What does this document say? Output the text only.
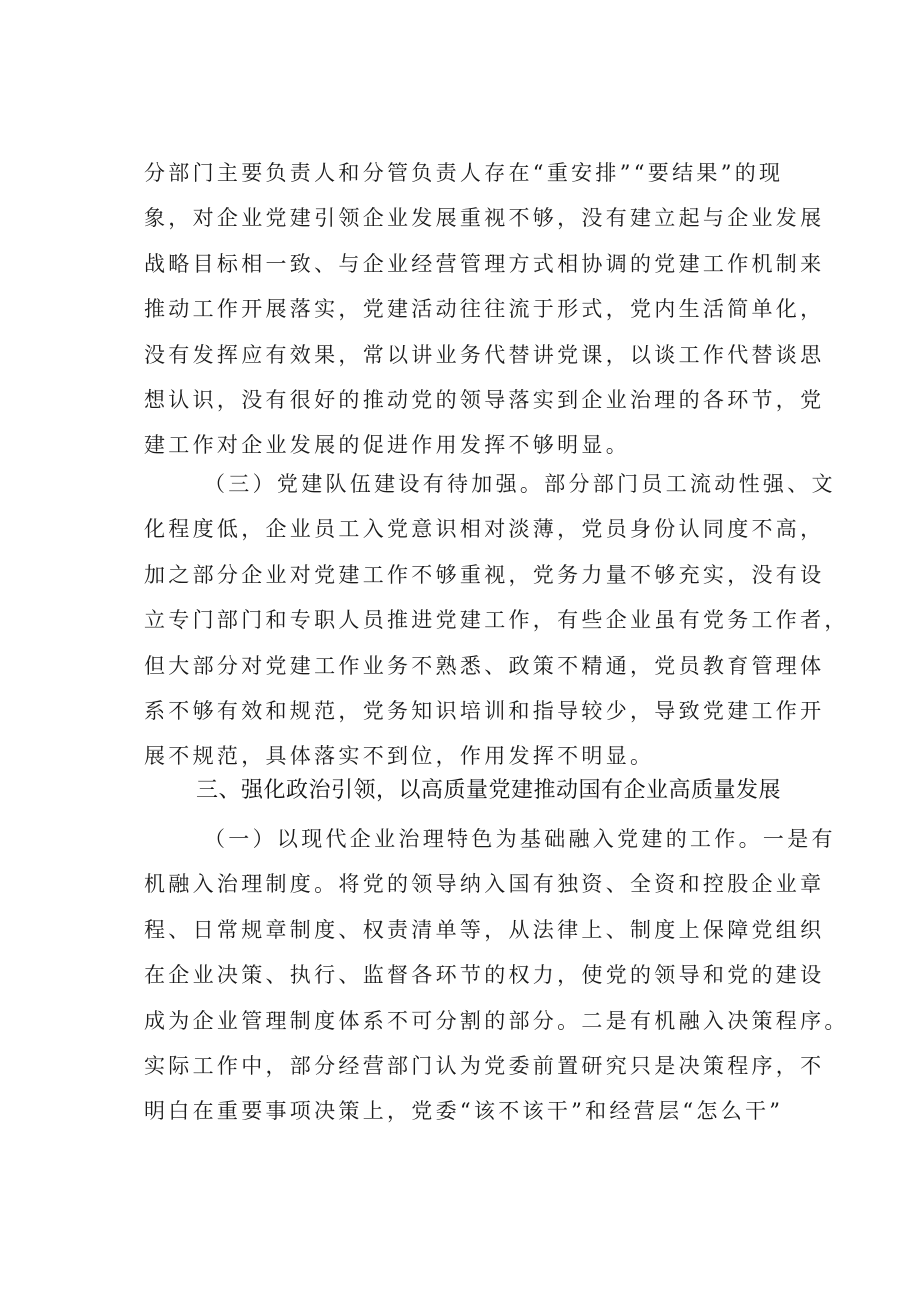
分部门主要负责人和分管负责人存在“重安排”“要结果”的现
象，对企业党建引领企业发展重视不够，没有建立起与企业发展
战略目标相一致、与企业经营管理方式相协调的党建工作机制来
推动工作开展落实，党建活动往往流于形式，党内生活简单化，
没有发挥应有效果，常以讲业务代替讲党课，以谈工作代替谈思
想认识，没有很好的推动党的领导落实到企业治理的各环节，党
建工作对企业发展的促进作用发挥不够明显。
（三）党建队伍建设有待加强。部分部门员工流动性强、文
化程度低，企业员工入党意识相对淡薄，党员身份认同度不高，
加之部分企业对党建工作不够重视，党务力量不够充实，没有设
立专门部门和专职人员推进党建工作，有些企业虽有党务工作者，
但大部分对党建工作业务不熟悉、政策不精通，党员教育管理体
系不够有效和规范，党务知识培训和指导较少，导致党建工作开
展不规范，具体落实不到位，作用发挥不明显。
三、强化政治引领，以高质量党建推动国有企业高质量发展
（一）以现代企业治理特色为基础融入党建的工作。一是有
机融入治理制度。将党的领导纳入国有独资、全资和控股企业章
程、日常规章制度、权责清单等，从法律上、制度上保障党组织
在企业决策、执行、监督各环节的权力，使党的领导和党的建设
成为企业管理制度体系不可分割的部分。二是有机融入决策程序。
实际工作中，部分经营部门认为党委前置研究只是决策程序，不
明白在重要事项决策上，党委“该不该干”和经营层“怎么干”
